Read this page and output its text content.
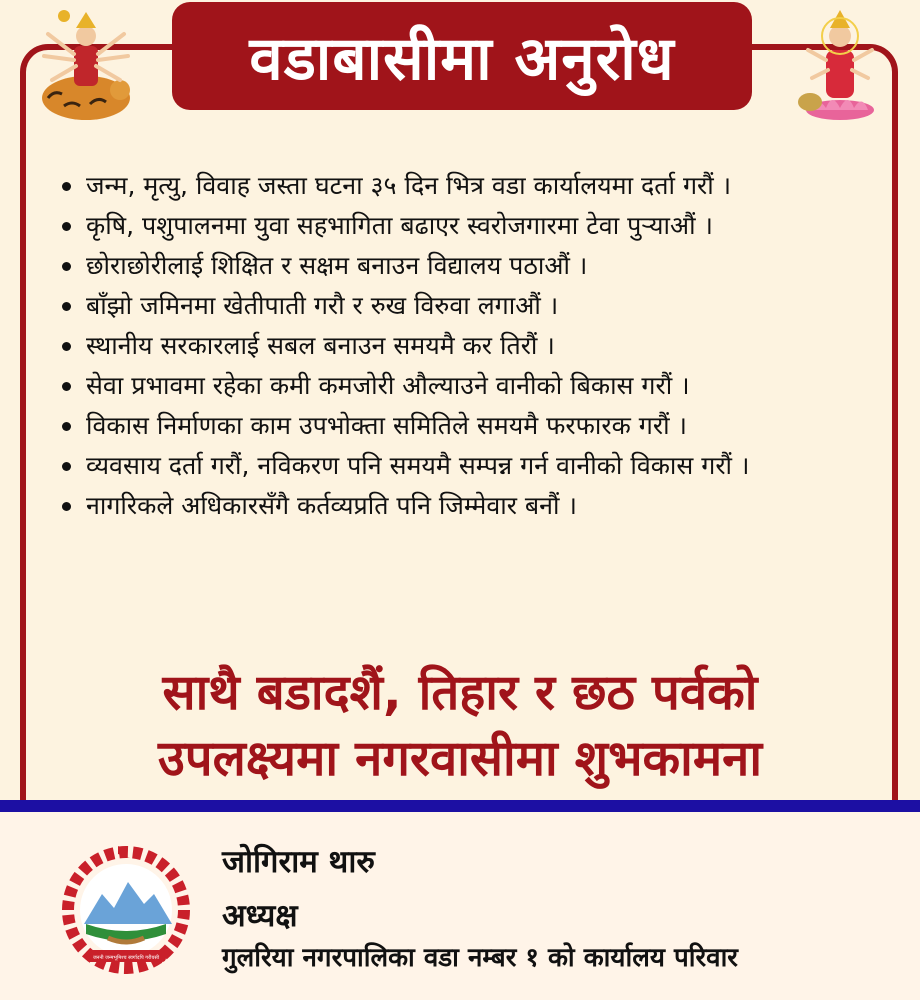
वडाबासीमा अनुरोध
जन्म, मृत्यु, विवाह जस्ता घटना ३५ दिन भित्र वडा कार्यालयमा दर्ता गरौं ।
कृषि, पशुपालनमा युवा सहभागिता बढाएर स्वरोजगारमा टेवा पुऱ्याऔं ।
छोराछोरीलाई शिक्षित र सक्षम बनाउन विद्यालय पठाऔं ।
बाँझो जमिनमा खेतीपाती गरौ र रुख विरुवा लगाऔं ।
स्थानीय सरकारलाई सबल बनाउन समयमै कर तिरौं ।
सेवा प्रभावमा रहेका कमी कमजोरी औल्याउने वानीको बिकास गरौं ।
विकास निर्माणका काम उपभोक्ता समितिले समयमै फरफारक गरौं ।
व्यवसाय दर्ता गरौं, नविकरण पनि समयमै सम्पन्न गर्न वानीको विकास गरौं ।
नागरिकले अधिकारसँगै कर्तव्यप्रति पनि जिम्मेवार बनौं ।
साथै बडादशैं, तिहार र छठ पर्वको
उपलक्ष्यमा नगरवासीमा शुभकामना
जननी जन्मभूमिश्च स्वर्गादपि गरीयसी
जोगिराम थारु
अध्यक्ष
गुलरिया नगरपालिका वडा नम्बर १ को कार्यालय परिवार
